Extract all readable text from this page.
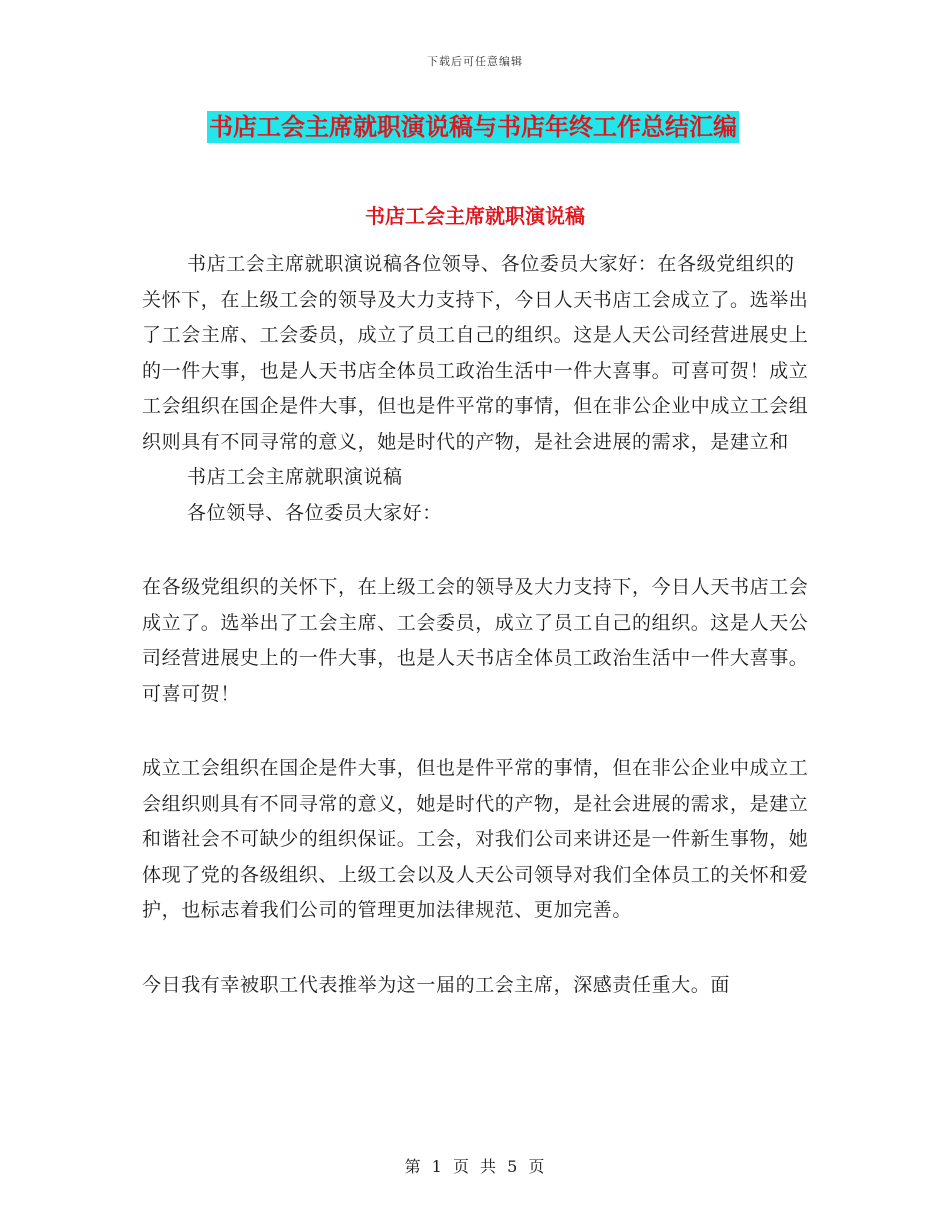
下载后可任意编辑
书店工会主席就职演说稿与书店年终工作总结汇编
书店工会主席就职演说稿

书店工会主席就职演说稿各位领导、各位委员大家好：在各级党组织的关怀下，在上级工会的领导及大力支持下，今日人天书店工会成立了。选举出了工会主席、工会委员，成立了员工自己的组织。这是人天公司经营进展史上的一件大事，也是人天书店全体员工政治生活中一件大喜事。可喜可贺！成立工会组织在国企是件大事，但也是件平常的事情，但在非公企业中成立工会组织则具有不同寻常的意义，她是时代的产物，是社会进展的需求，是建立和

书店工会主席就职演说稿

各位领导、各位委员大家好：

在各级党组织的关怀下，在上级工会的领导及大力支持下，今日人天书店工会成立了。选举出了工会主席、工会委员，成立了员工自己的组织。这是人天公司经营进展史上的一件大事，也是人天书店全体员工政治生活中一件大喜事。可喜可贺！

成立工会组织在国企是件大事，但也是件平常的事情，但在非公企业中成立工会组织则具有不同寻常的意义，她是时代的产物，是社会进展的需求，是建立和谐社会不可缺少的组织保证。工会，对我们公司来讲还是一件新生事物，她体现了党的各级组织、上级工会以及人天公司领导对我们全体员工的关怀和爱护，也标志着我们公司的管理更加法律规范、更加完善。

今日我有幸被职工代表推举为这一届的工会主席，深感责任重大。面

第 1 页 共 5 页
